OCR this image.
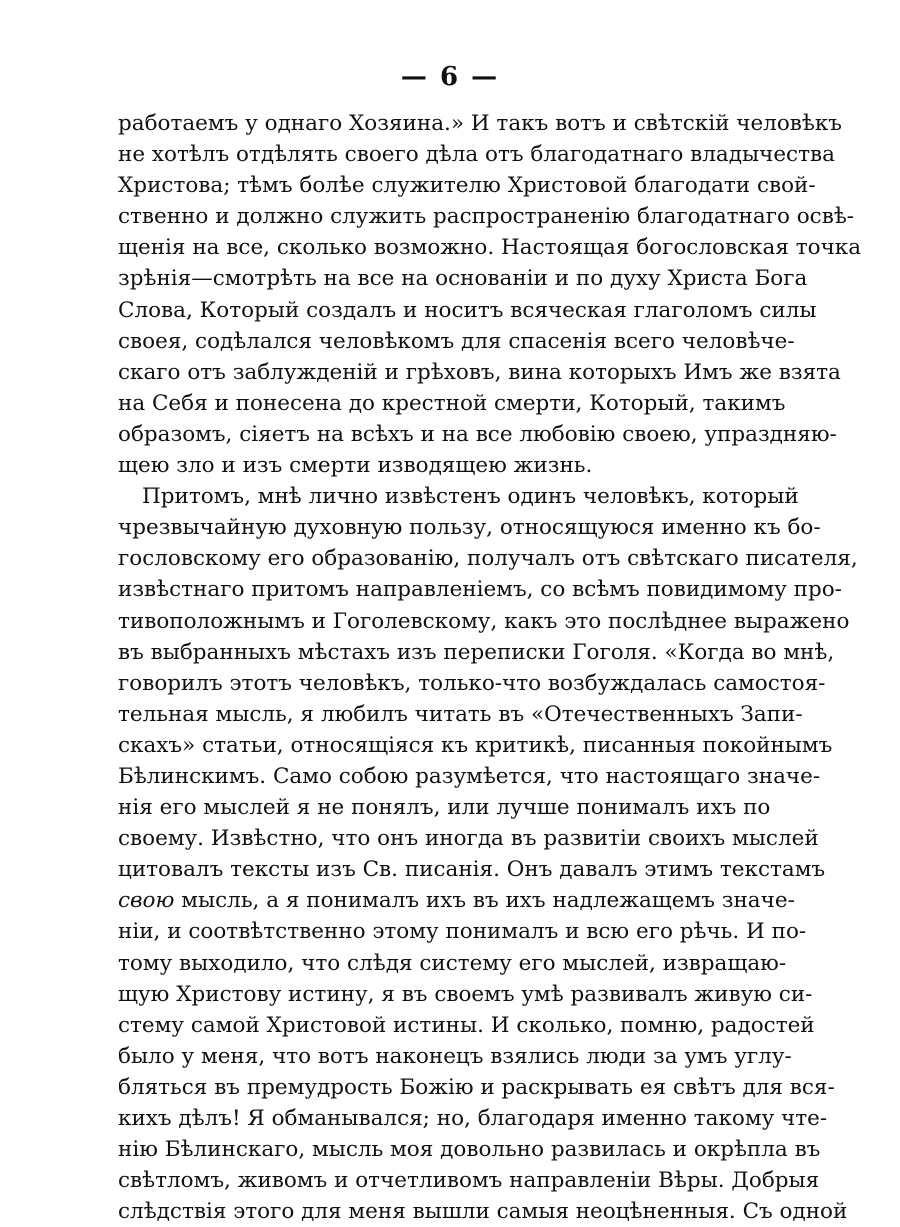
— 6 —
работаемъ у однаго Хозяина.» И такъ вотъ и свѣтскій человѣкъ
не хотѣлъ отдѣлять своего дѣла отъ благодатнаго владычества
Христова; тѣмъ болѣе служителю Христовой благодати свой-
ственно и должно служить распространенію благодатнаго освѣ-
щенія на все, сколько возможно. Настоящая богословская точка
зрѣнія—смотрѣть на все на основаніи и по духу Христа Бога
Слова, Который создалъ и носитъ всяческая глаголомъ силы
своея, содѣлался человѣкомъ для спасенія всего человѣче-
скаго отъ заблужденій и грѣховъ, вина которыхъ Имъ же взята
на Себя и понесена до крестной смерти, Который, такимъ
образомъ, сіяетъ на всѣхъ и на все любовію своею, упраздняю-
щею зло и изъ смерти изводящею жизнь.
Притомъ, мнѣ лично извѣстенъ одинъ человѣкъ, который
чрезвычайную духовную пользу, относящуюся именно къ бо-
гословскому его образованію, получалъ отъ свѣтскаго писателя,
извѣстнаго притомъ направленіемъ, со всѣмъ повидимому про-
тивоположнымъ и Гоголевскому, какъ это послѣднее выражено
въ выбранныхъ мѣстахъ изъ переписки Гоголя. «Когда во мнѣ,
говорилъ этотъ человѣкъ, только-что возбуждалась самостоя-
тельная мысль, я любилъ читать въ «Отечественныхъ Запи-
скахъ» статьи, относящіяся къ критикѣ, писанныя покойнымъ
Бѣлинскимъ. Само собою разумѣется, что настоящаго значе-
нія его мыслей я не понялъ, или лучше понималъ ихъ по
своему. Извѣстно, что онъ иногда въ развитіи своихъ мыслей
цитовалъ тексты изъ Св. писанія. Онъ давалъ этимъ текстамъ
свою мысль, а я понималъ ихъ въ ихъ надлежащемъ значе-
ніи, и соотвѣтственно этому понималъ и всю его рѣчь. И по-
тому выходило, что слѣдя систему его мыслей, извращаю-
щую Христову истину, я въ своемъ умѣ развивалъ живую си-
стему самой Христовой истины. И сколько, помню, радостей
было у меня, что вотъ наконецъ взялись люди за умъ углу-
бляться въ премудрость Божію и раскрывать ея свѣтъ для вся-
кихъ дѣлъ! Я обманывался; но, благодаря именно такому чте-
нію Бѣлинскаго, мысль моя довольно развилась и окрѣпла въ
свѣтломъ, живомъ и отчетливомъ направленіи Вѣры. Добрыя
слѣдствія этого для меня вышли самыя неоцѣненныя. Съ одной
